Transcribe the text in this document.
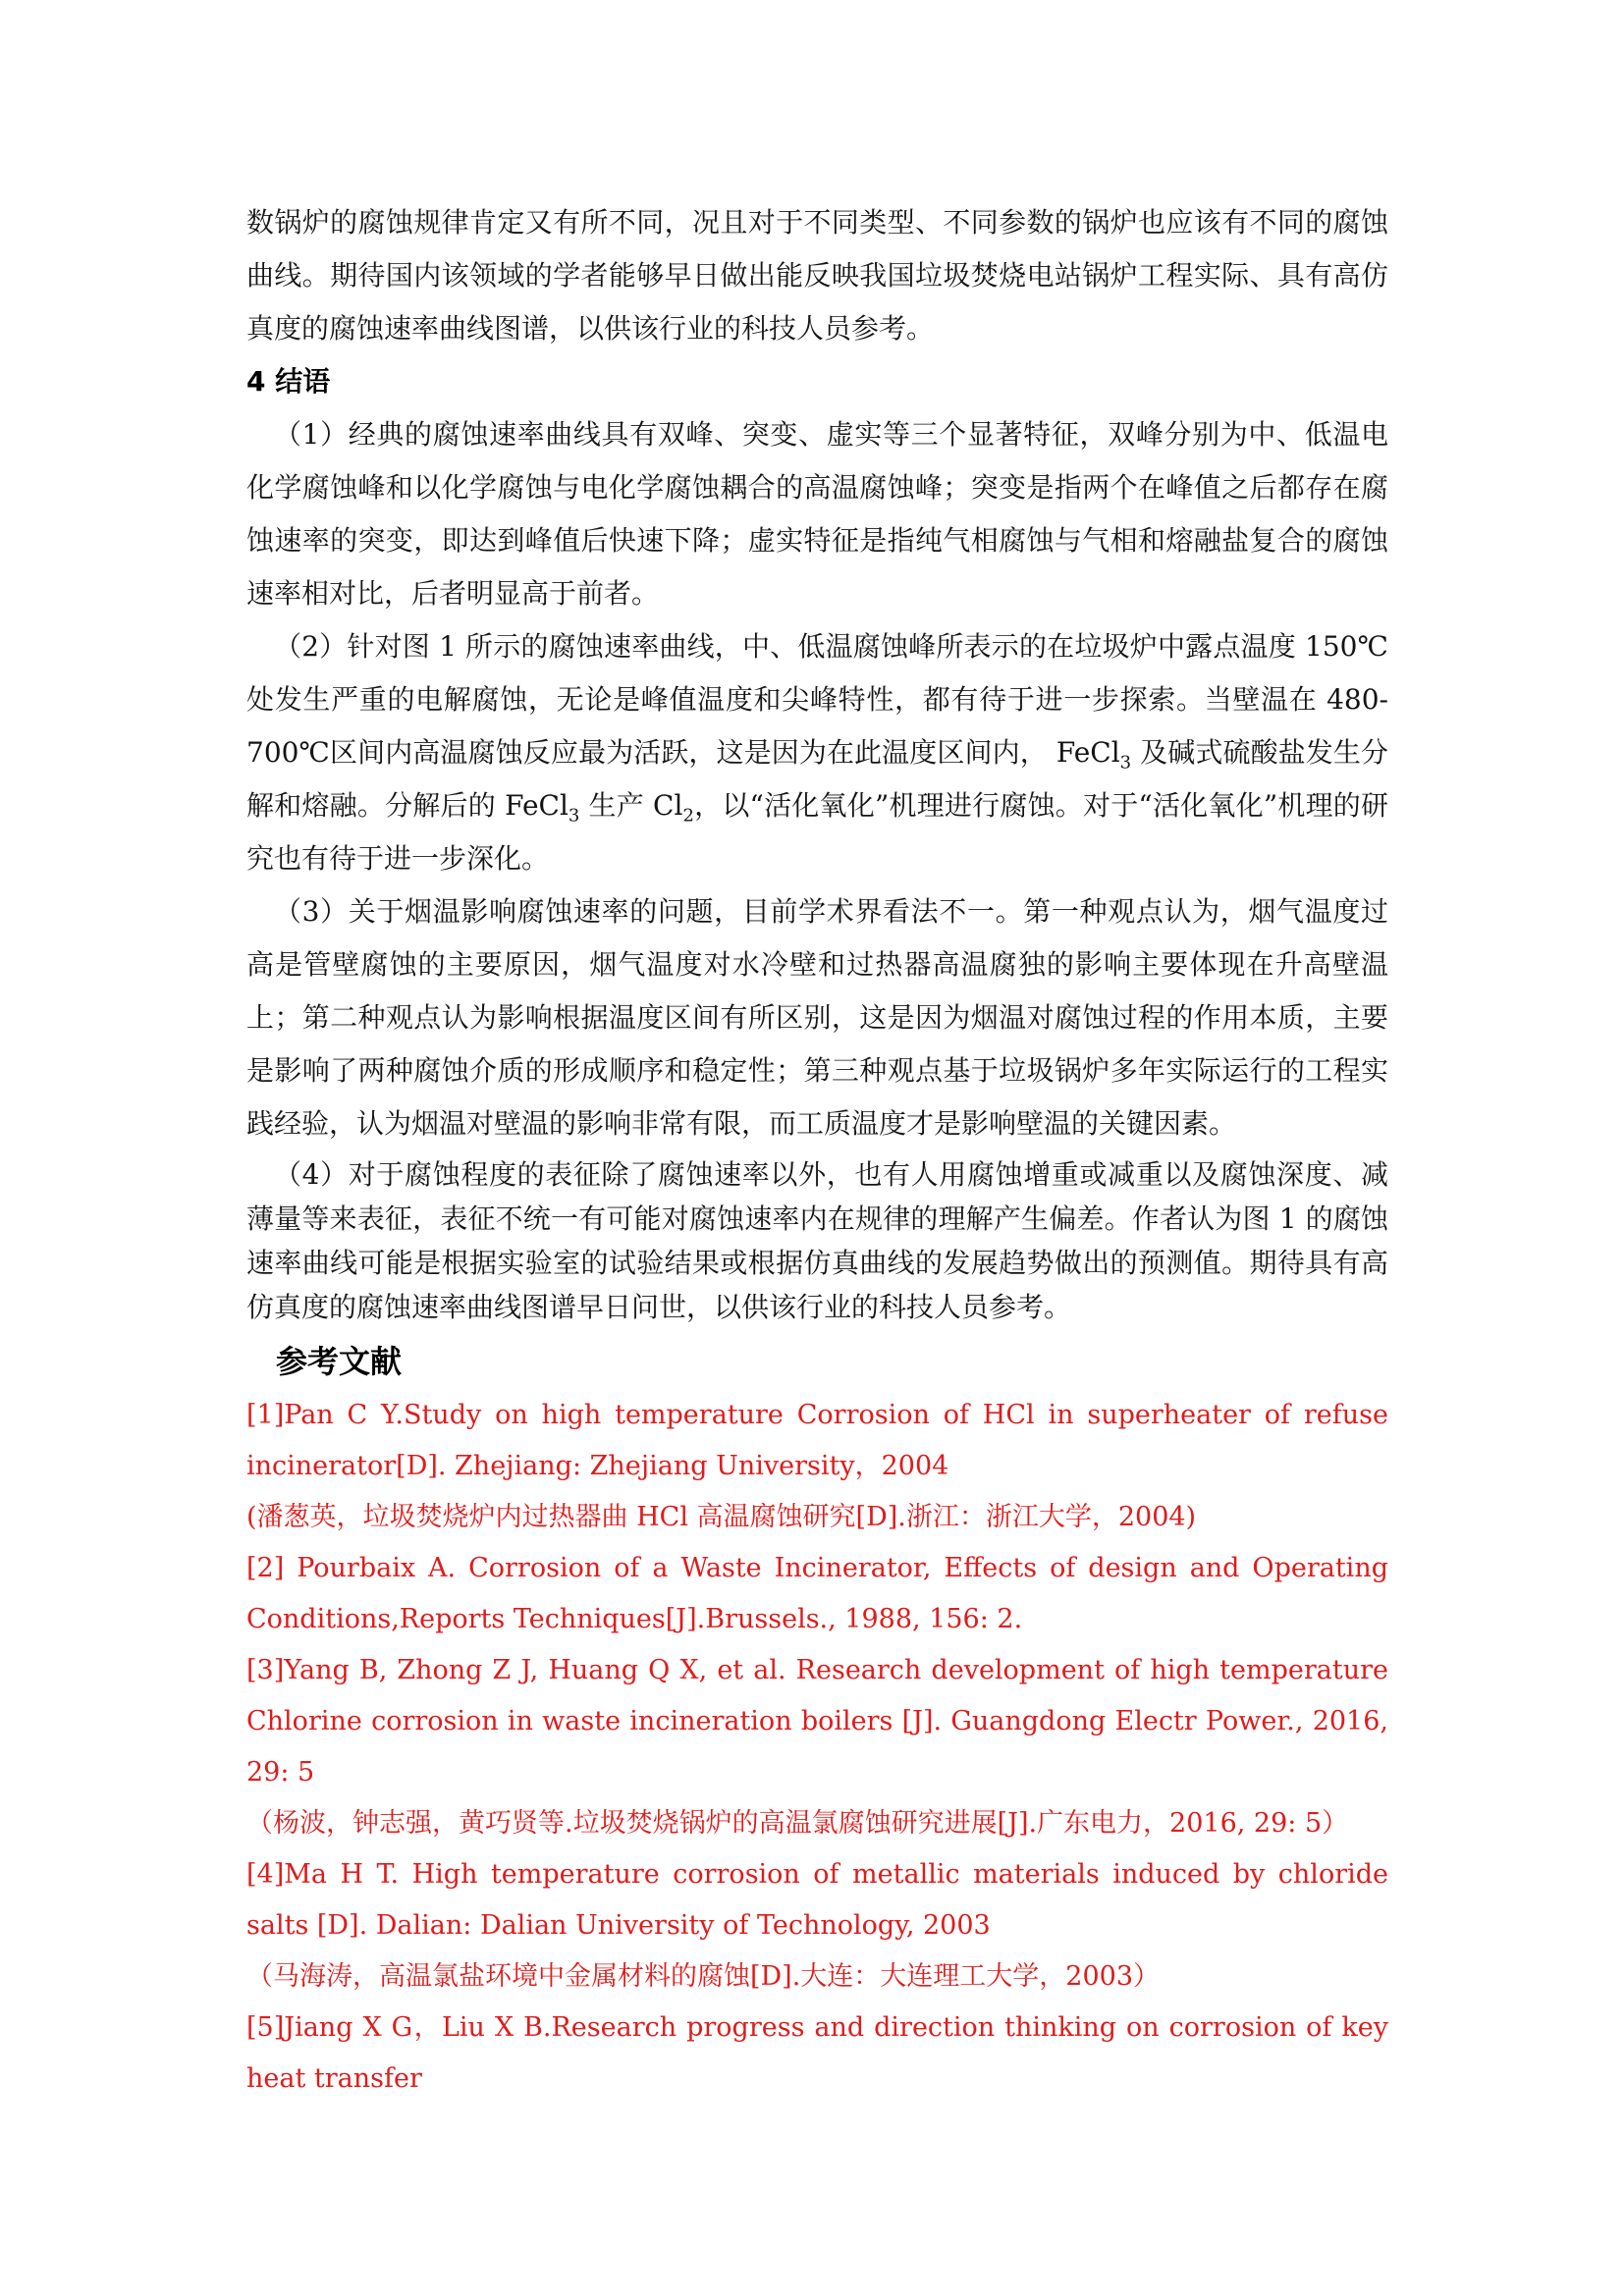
数锅炉的腐蚀规律肯定又有所不同，况且对于不同类型、不同参数的锅炉也应该有不同的腐蚀曲线。期待国内该领域的学者能够早日做出能反映我国垃圾焚烧电站锅炉工程实际、具有高仿真度的腐蚀速率曲线图谱，以供该行业的科技人员参考。

4 结语

（1）经典的腐蚀速率曲线具有双峰、突变、虚实等三个显著特征，双峰分别为中、低温电化学腐蚀峰和以化学腐蚀与电化学腐蚀耦合的高温腐蚀峰；突变是指两个在峰值之后都存在腐蚀速率的突变，即达到峰值后快速下降；虚实特征是指纯气相腐蚀与气相和熔融盐复合的腐蚀速率相对比，后者明显高于前者。

（2）针对图 1 所示的腐蚀速率曲线，中、低温腐蚀峰所表示的在垃圾炉中露点温度 150℃处发生严重的电解腐蚀，无论是峰值温度和尖峰特性，都有待于进一步探索。当壁温在 480-700℃区间内高温腐蚀反应最为活跃，这是因为在此温度区间内， FeCl$_3$ 及碱式硫酸盐发生分解和熔融。分解后的 FeCl$_3$ 生产 $Cl_2$，以“活化氧化”机理进行腐蚀。对于“活化氧化”机理的研究也有待于进一步深化。

（3）关于烟温影响腐蚀速率的问题，目前学术界看法不一。第一种观点认为，烟气温度过高是管壁腐蚀的主要原因，烟气温度对水冷壁和过热器高温腐独的影响主要体现在升高壁温上；第二种观点认为影响根据温度区间有所区别，这是因为烟温对腐蚀过程的作用本质，主要是影响了两种腐蚀介质的形成顺序和稳定性；第三种观点基于垃圾锅炉多年实际运行的工程实践经验，认为烟温对壁温的影响非常有限，而工质温度才是影响壁温的关键因素。

（4）对于腐蚀程度的表征除了腐蚀速率以外，也有人用腐蚀增重或减重以及腐蚀深度、减薄量等来表征，表征不统一有可能对腐蚀速率内在规律的理解产生偏差。作者认为图 1 的腐蚀速率曲线可能是根据实验室的试验结果或根据仿真曲线的发展趋势做出的预测值。期待具有高仿真度的腐蚀速率曲线图谱早日问世，以供该行业的科技人员参考。

参考文献

[1]Pan C Y.Study on high temperature Corrosion of HCl in superheater of refuse incinerator[D]. Zhejiang: Zhejiang University，2004

(潘葱英，垃圾焚烧炉内过热器曲 HCl 高温腐蚀研究[D].浙江：浙江大学，2004)

[2] Pourbaix A. Corrosion of a Waste Incinerator, Effects of design and Operating Conditions,Reports Techniques[J].Brussels., 1988, 156: 2.

[3]Yang B, Zhong Z J, Huang Q X, et al. Research development of high temperature Chlorine corrosion in waste incineration boilers [J]. Guangdong Electr Power., 2016, 29: 5

（杨波，钟志强，黄巧贤等.垃圾焚烧锅炉的高温氯腐蚀研究进展[J].广东电力，2016, 29: 5）

[4]Ma H T. High temperature corrosion of metallic materials induced by chloride salts [D]. Dalian: Dalian University of Technology, 2003

（马海涛，高温氯盐环境中金属材料的腐蚀[D].大连：大连理工大学，2003）

[5]Jiang X G，Liu X B.Research progress and direction thinking on corrosion of key heat transfer
